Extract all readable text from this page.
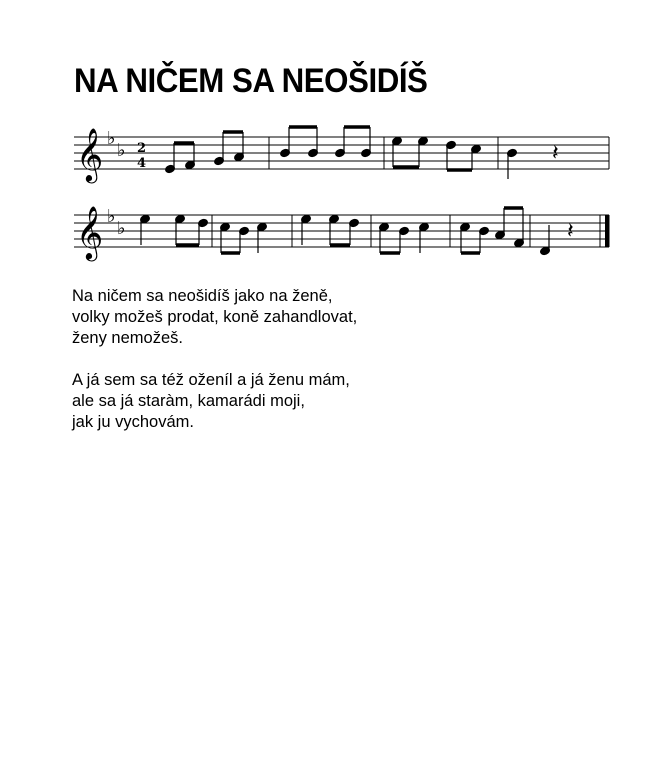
NA NIČEM SA NEOŠIDÍŠ
𝄞 ♭
♭ 2
4	𝄽
𝄞 ♭
♭	𝄽
Na ničem sa neošidíš jako na ženě,
volky možeš prodat, koně zahandlovat,
ženy nemožeš.
A já sem sa též oženíl a já ženu mám,
ale sa já staràm, kamarádi moji,
jak ju vychovám.
